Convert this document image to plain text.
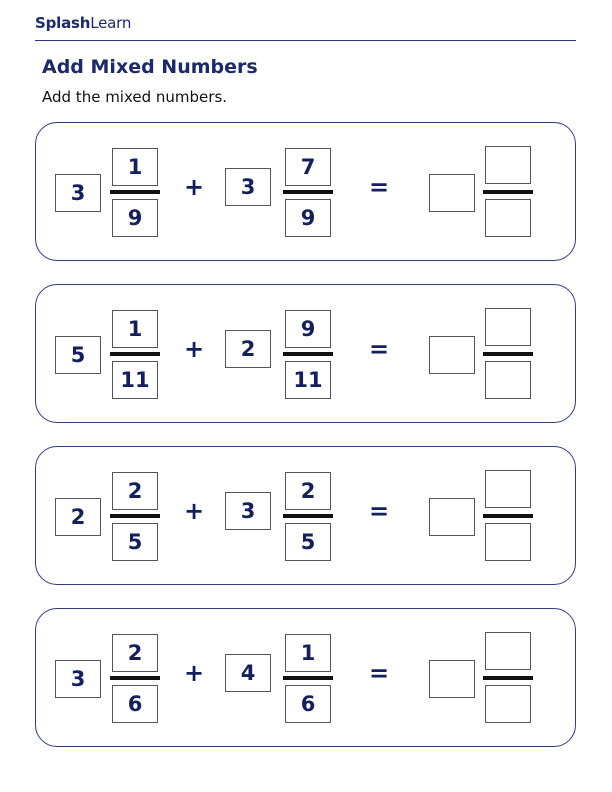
SplashLearn
Add Mixed Numbers
Add the mixed numbers.
3
1
9
+	3
7
9
=
5
1
11
+	2
9
11
=
2
2
5
+	3
2
5
=
3
2
6
+	4
1
6
=
